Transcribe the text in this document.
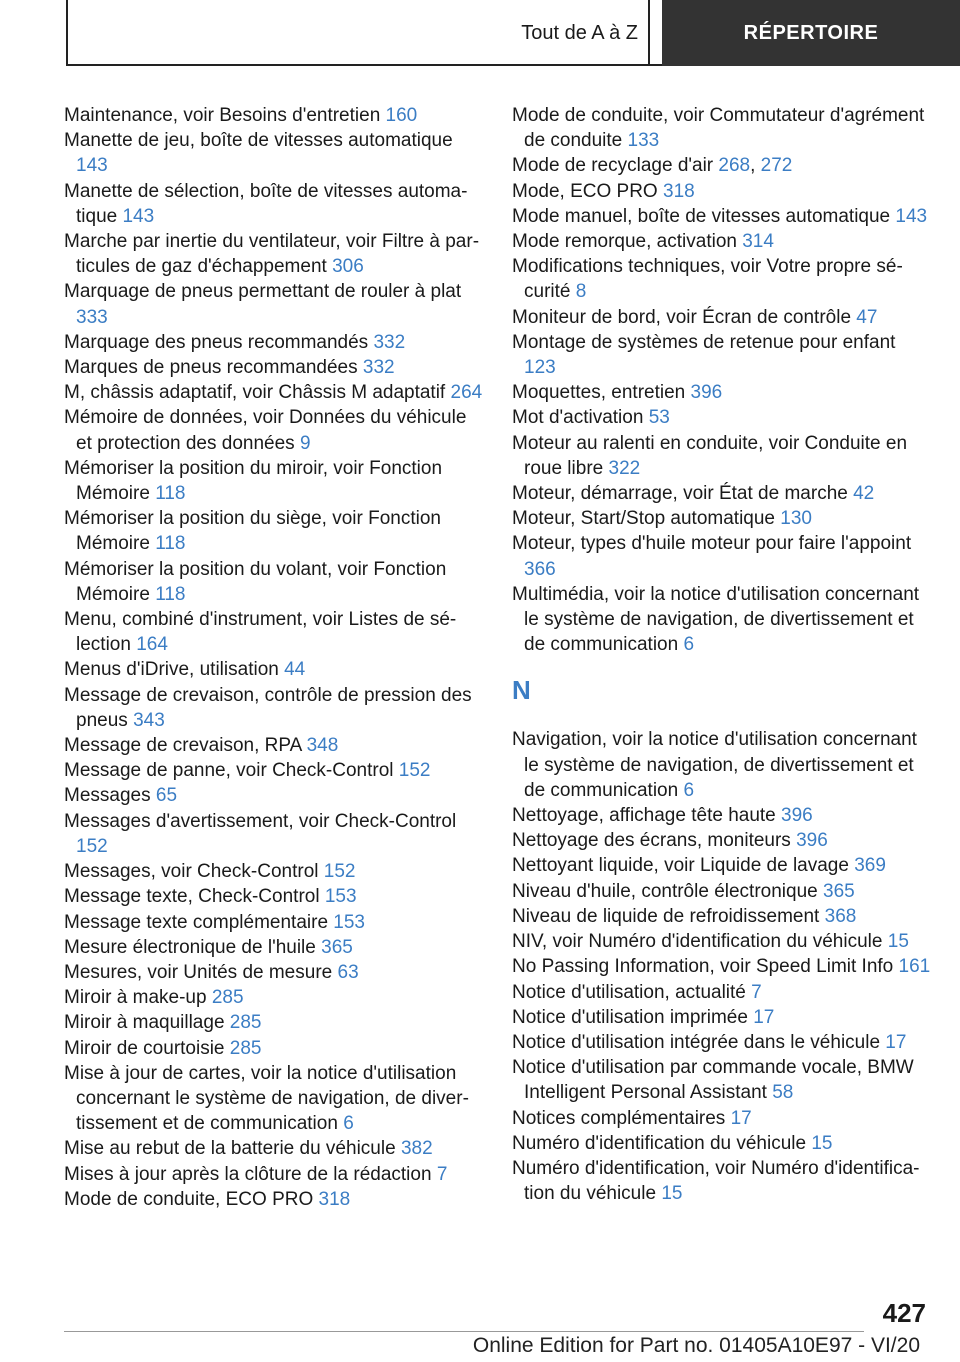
Tout de A à Z	RÉPERTOIRE

Maintenance, voir Besoins d'entretien 160

Manette de jeu, boîte de vitesses automatique 143

Manette de sélection, boîte de vitesses automatique 143

Marche par inertie du ventilateur, voir Filtre à particules de gaz d'échappement 306

Marquage de pneus permettant de rouler à plat 333

Marquage des pneus recommandés 332

Marques de pneus recommandées 332

M, châssis adaptatif, voir Châssis M adaptatif 264

Mémoire de données, voir Données du véhicule et protection des données 9

Mémoriser la position du miroir, voir Fonction Mémoire 118

Mémoriser la position du siège, voir Fonction Mémoire 118

Mémoriser la position du volant, voir Fonction Mémoire 118

Menu, combiné d'instrument, voir Listes de sélection 164

Menus d'iDrive, utilisation 44

Message de crevaison, contrôle de pression des pneus 343

Message de crevaison, RPA 348

Message de panne, voir Check-Control 152

Messages 65

Messages d'avertissement, voir Check-Control 152

Messages, voir Check-Control 152

Message texte, Check-Control 153

Message texte complémentaire 153

Mesure électronique de l'huile 365

Mesures, voir Unités de mesure 63

Miroir à make-up 285

Miroir à maquillage 285

Miroir de courtoisie 285

Mise à jour de cartes, voir la notice d'utilisation concernant le système de navigation, de divertissement et de communication 6

Mise au rebut de la batterie du véhicule 382

Mises à jour après la clôture de la rédaction 7

Mode de conduite, ECO PRO 318

Mode de conduite, voir Commutateur d'agrément de conduite 133

Mode de recyclage d'air 268, 272

Mode, ECO PRO 318

Mode manuel, boîte de vitesses automatique 143

Mode remorque, activation 314

Modifications techniques, voir Votre propre sécurité 8

Moniteur de bord, voir Écran de contrôle 47

Montage de systèmes de retenue pour enfant 123

Moquettes, entretien 396

Mot d'activation 53

Moteur au ralenti en conduite, voir Conduite en roue libre 322

Moteur, démarrage, voir État de marche 42

Moteur, Start/Stop automatique 130

Moteur, types d'huile moteur pour faire l'appoint 366

Multimédia, voir la notice d'utilisation concernant le système de navigation, de divertissement et de communication 6

N

Navigation, voir la notice d'utilisation concernant le système de navigation, de divertissement et de communication 6

Nettoyage, affichage tête haute 396

Nettoyage des écrans, moniteurs 396

Nettoyant liquide, voir Liquide de lavage 369

Niveau d'huile, contrôle électronique 365

Niveau de liquide de refroidissement 368

NIV, voir Numéro d'identification du véhicule 15

No Passing Information, voir Speed Limit Info 161

Notice d'utilisation, actualité 7

Notice d'utilisation imprimée 17

Notice d'utilisation intégrée dans le véhicule 17

Notice d'utilisation par commande vocale, BMW Intelligent Personal Assistant 58

Notices complémentaires 17

Numéro d'identification du véhicule 15

Numéro d'identification, voir Numéro d'identification du véhicule 15

427
Online Edition for Part no. 01405A10E97 - VI/20
